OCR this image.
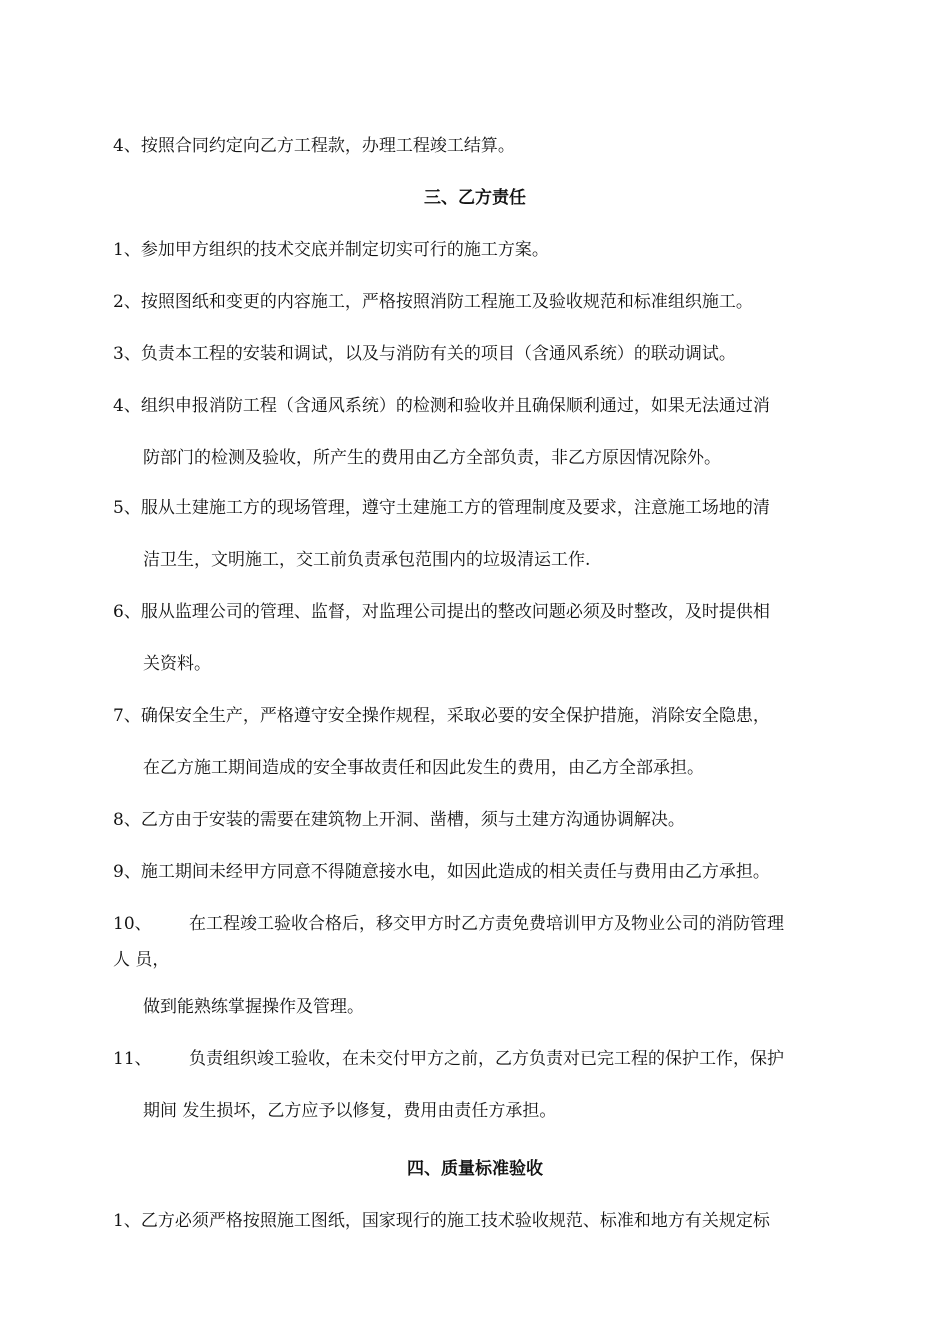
4、按照合同约定向乙方工程款，办理工程竣工结算。
三、乙方责任
1、参加甲方组织的技术交底并制定切实可行的施工方案。
2、按照图纸和变更的内容施工，严格按照消防工程施工及验收规范和标准组织施工。
3、负责本工程的安装和调试，以及与消防有关的项目（含通风系统）的联动调试。
4、组织申报消防工程（含通风系统）的检测和验收并且确保顺利通过，如果无法通过消
防部门的检测及验收，所产生的费用由乙方全部负责，非乙方原因情况除外。
5、服从土建施工方的现场管理，遵守土建施工方的管理制度及要求，注意施工场地的清
洁卫生，文明施工，交工前负责承包范围内的垃圾清运工作.
6、服从监理公司的管理、监督，对监理公司提出的整改问题必须及时整改，及时提供相
关资料。
7、确保安全生产，严格遵守安全操作规程，采取必要的安全保护措施，消除安全隐患，
在乙方施工期间造成的安全事故责任和因此发生的费用，由乙方全部承担。
8、乙方由于安装的需要在建筑物上开洞、凿槽，须与土建方沟通协调解决。
9、施工期间未经甲方同意不得随意接水电，如因此造成的相关责任与费用由乙方承担。
10、 在工程竣工验收合格后，移交甲方时乙方责免费培训甲方及物业公司的消防管理
人 员，
做到能熟练掌握操作及管理。
11、 负责组织竣工验收，在未交付甲方之前，乙方负责对已完工程的保护工作，保护
期间 发生损坏，乙方应予以修复，费用由责任方承担。
四、质量标准验收
1、乙方必须严格按照施工图纸，国家现行的施工技术验收规范、标准和地方有关规定标
